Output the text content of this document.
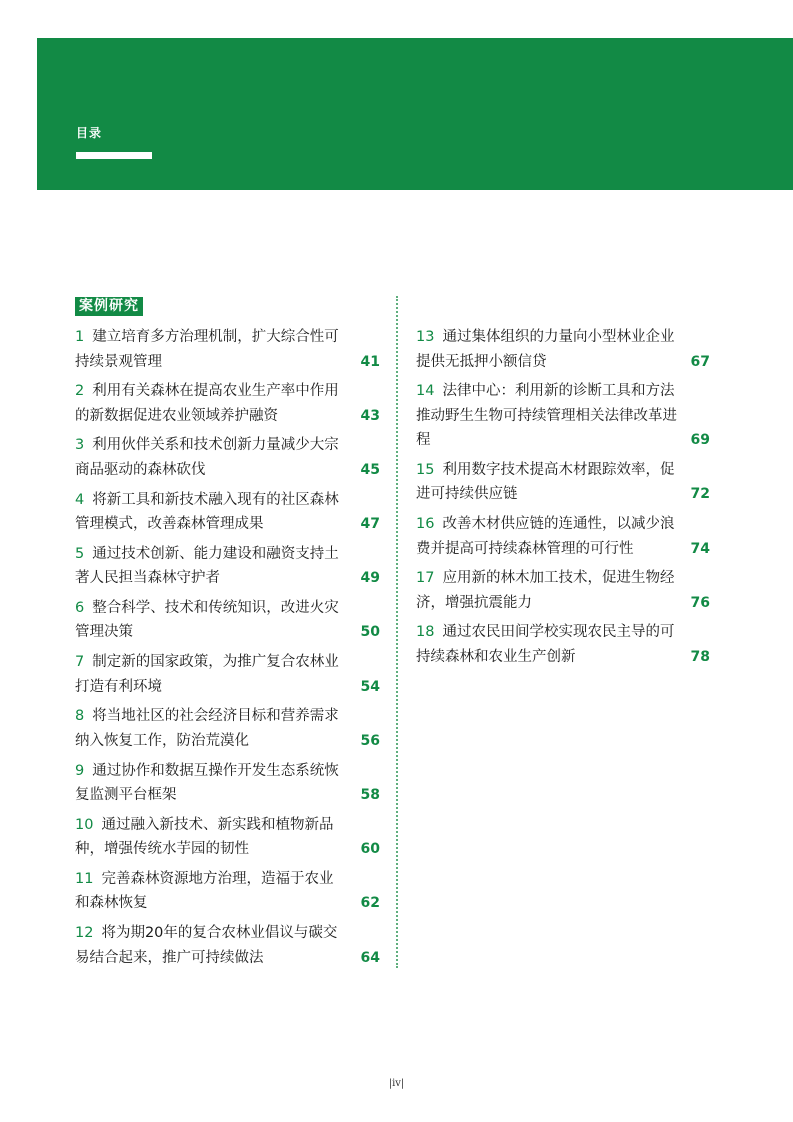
目录
案例研究
1 建立培育多方治理机制，扩大综合性可持续景观管理	41
2 利用有关森林在提高农业生产率中作用的新数据促进农业领域养护融资	43
3 利用伙伴关系和技术创新力量减少大宗商品驱动的森林砍伐	45
4 将新工具和新技术融入现有的社区森林管理模式，改善森林管理成果	47
5 通过技术创新、能力建设和融资支持土著人民担当森林守护者	49
6 整合科学、技术和传统知识，改进火灾管理决策	50
7 制定新的国家政策，为推广复合农林业打造有利环境	54
8 将当地社区的社会经济目标和营养需求纳入恢复工作，防治荒漠化	56
9 通过协作和数据互操作开发生态系统恢复监测平台框架	58
10 通过融入新技术、新实践和植物新品种，增强传统水芋园的韧性	60
11 完善森林资源地方治理，造福于农业和森林恢复	62
12 将为期20年的复合农林业倡议与碳交易结合起来，推广可持续做法	64
13 通过集体组织的力量向小型林业企业提供无抵押小额信贷	67
14 法律中心：利用新的诊断工具和方法推动野生生物可持续管理相关法律改革进程	69
15 利用数字技术提高木材跟踪效率，促进可持续供应链	72
16 改善木材供应链的连通性，以减少浪费并提高可持续森林管理的可行性	74
17 应用新的林木加工技术，促进生物经济，增强抗震能力	76
18 通过农民田间学校实现农民主导的可持续森林和农业生产创新	78
|iv|
